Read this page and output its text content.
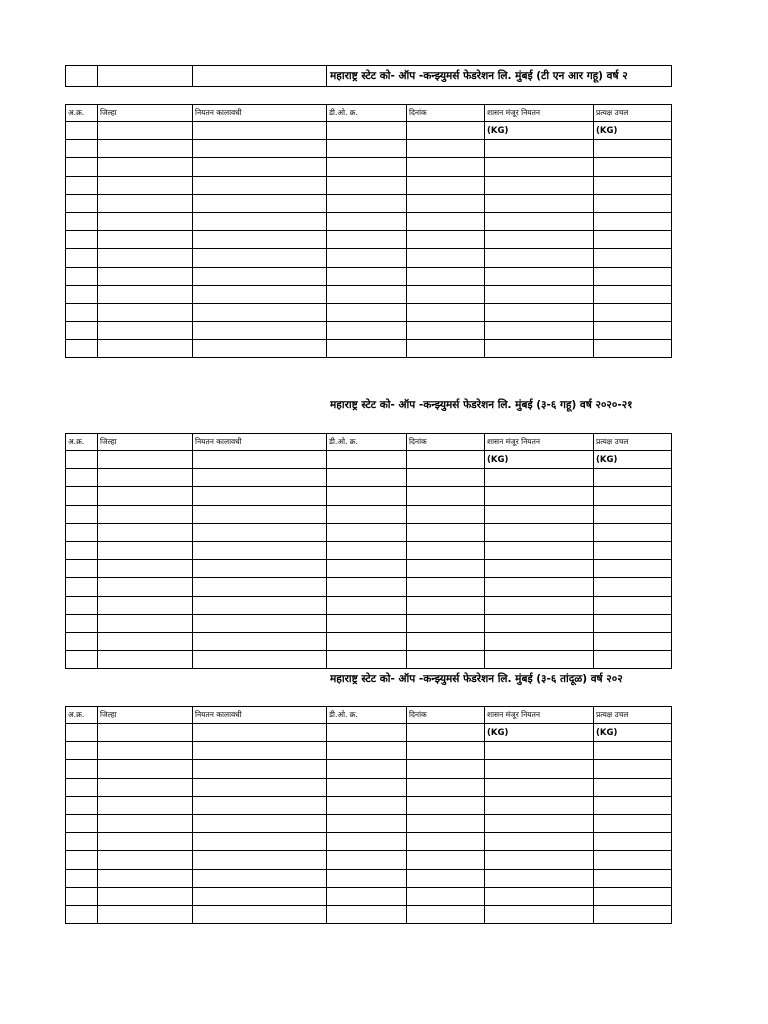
			महाराष्ट्र स्टेट को- ऑप -कन्झ्युमर्स फेडरेशन लि. मुंबई (टी एन आर गहू) वर्ष २
अ.क्र.	जिल्हा	नियतन कालावधी	डी.ओ. क्र.	दिनांक	शासन मंजूर नियतन	प्रत्यक्ष उचल
					(KG)	(KG)

महाराष्ट्र स्टेट को- ऑप -कन्झ्युमर्स फेडरेशन लि. मुंबई (३-६ गहू) वर्ष २०२०-२१
अ.क्र.	जिल्हा	नियतन कालावधी	डी.ओ. क्र.	दिनांक	शासन मंजूर नियतन	प्रत्यक्ष उचल
					(KG)	(KG)

महाराष्ट्र स्टेट को- ऑप -कन्झ्युमर्स फेडरेशन लि. मुंबई (३-६ तांदूळ) वर्ष २०२
अ.क्र.	जिल्हा	नियतन कालावधी	डी.ओ. क्र.	दिनांक	शासन मंजूर नियतन	प्रत्यक्ष उचल
					(KG)	(KG)
